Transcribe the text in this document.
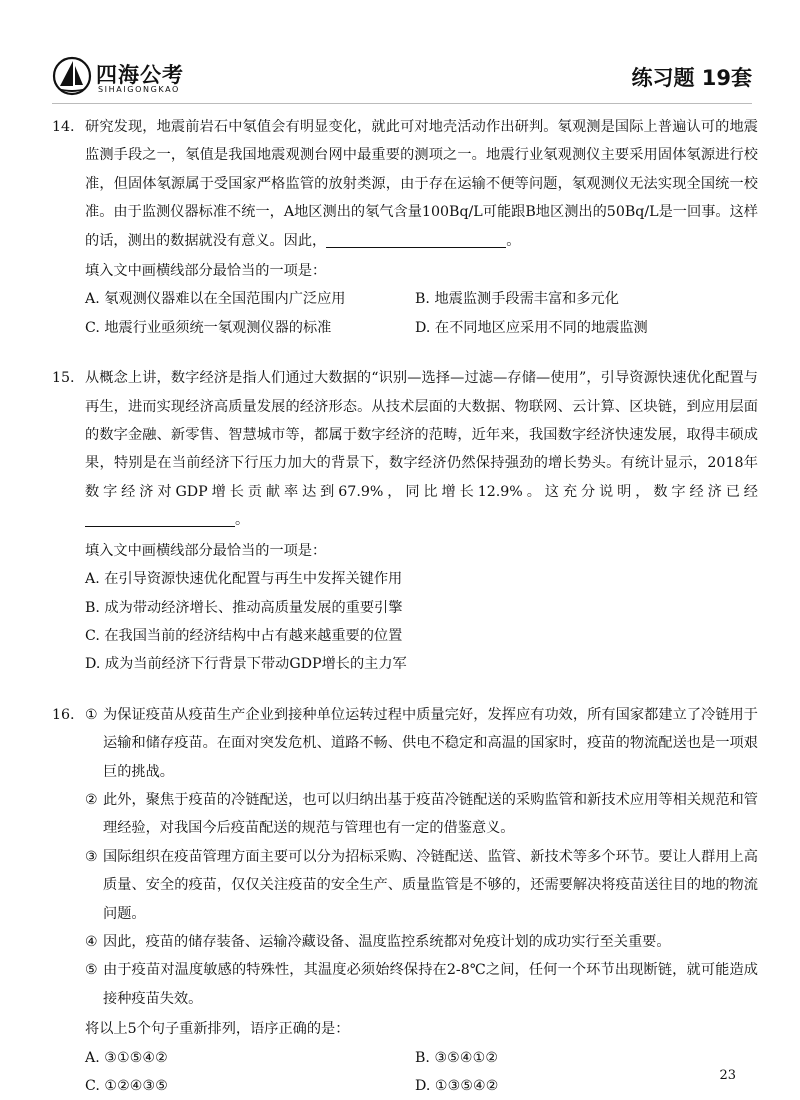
四海公考
SIHAIGONGKAO	练习题 19套
14. 研究发现，地震前岩石中氡值会有明显变化，就此可对地壳活动作出研判。氡观测是国际上普遍认可的地震监测手段之一，氡值是我国地震观测台网中最重要的测项之一。地震行业氡观测仪主要采用固体氡源进行校准，但固体氡源属于受国家严格监管的放射类源，由于存在运输不便等问题，氡观测仪无法实现全国统一校准。由于监测仪器标准不统一，A地区测出的氡气含量100Bq/L可能跟B地区测出的50Bq/L是一回事。这样的话，测出的数据就没有意义。因此，	。
填入文中画横线部分最恰当的一项是：
A. 氡观测仪器难以在全国范围内广泛应用	B. 地震监测手段需丰富和多元化
C. 地震行业亟须统一氡观测仪器的标准	D. 在不同地区应采用不同的地震监测
15. 从概念上讲，数字经济是指人们通过大数据的“识别—选择—过滤—存储—使用”，引导资源快速优化配置与再生，进而实现经济高质量发展的经济形态。从技术层面的大数据、物联网、云计算、区块链，到应用层面的数字金融、新零售、智慧城市等，都属于数字经济的范畴，近年来，我国数字经济快速发展，取得丰硕成果，特别是在当前经济下行压力加大的背景下，数字经济仍然保持强劲的增长势头。有统计显示，2018年数字经济对GDP增长贡献率达到67.9%，同比增长12.9%。这充分说明，数字经济已经。
填入文中画横线部分最恰当的一项是：
A. 在引导资源快速优化配置与再生中发挥关键作用
B. 成为带动经济增长、推动高质量发展的重要引擎
C. 在我国当前的经济结构中占有越来越重要的位置
D. 成为当前经济下行背景下带动GDP增长的主力军
16. ① 为保证疫苗从疫苗生产企业到接种单位运转过程中质量完好，发挥应有功效，所有国家都建立了冷链用于运输和储存疫苗。在面对突发危机、道路不畅、供电不稳定和高温的国家时，疫苗的物流配送也是一项艰巨的挑战。
② 此外，聚焦于疫苗的冷链配送，也可以归纳出基于疫苗冷链配送的采购监管和新技术应用等相关规范和管理经验，对我国今后疫苗配送的规范与管理也有一定的借鉴意义。
③ 国际组织在疫苗管理方面主要可以分为招标采购、冷链配送、监管、新技术等多个环节。要让人群用上高质量、安全的疫苗，仅仅关注疫苗的安全生产、质量监管是不够的，还需要解决将疫苗送往目的地的物流问题。
④ 因此，疫苗的储存装备、运输冷藏设备、温度监控系统都对免疫计划的成功实行至关重要。
⑤ 由于疫苗对温度敏感的特殊性，其温度必须始终保持在2-8℃之间，任何一个环节出现断链，就可能造成接种疫苗失效。
将以上5个句子重新排列，语序正确的是：
A. ③①⑤④②	B. ③⑤④①②
C. ①②④③⑤	D. ①③⑤④②
23
